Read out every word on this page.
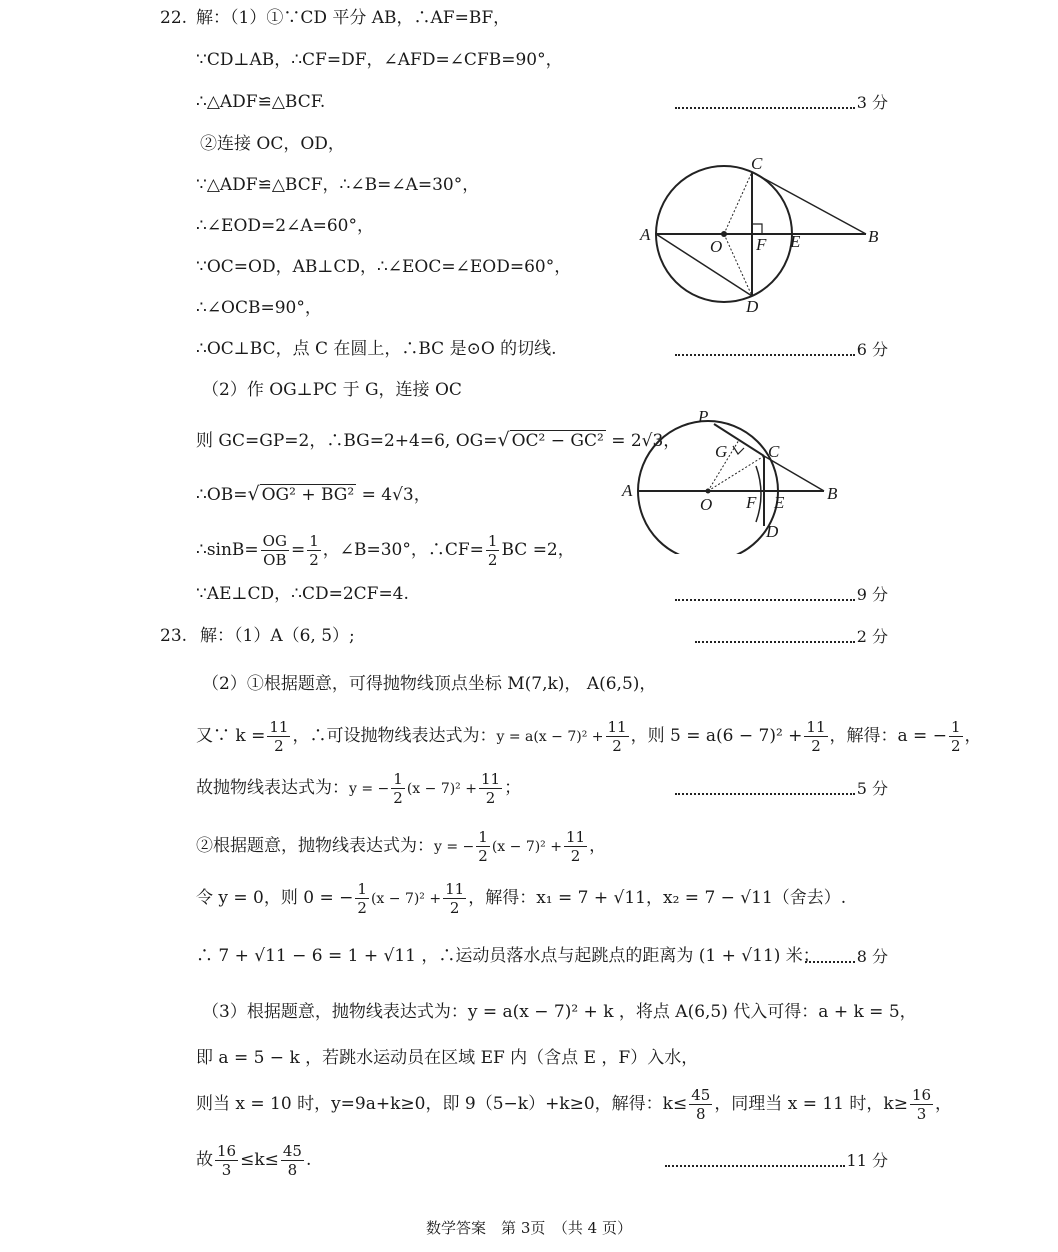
22. 解：（1）①∵CD 平分 AB，∴AF=BF，
∵CD⊥AB，∴CF=DF，∠AFD=∠CFB=90°，
∴△ADF≌△BCF.	3 分
②连接 OC，OD，
∵△ADF≌△BCF，∴∠B=∠A=30°，
∴∠EOD=2∠A=60°，
∵OC=OD，AB⊥CD，∴∠EOC=∠EOD=60°，
∴∠OCB=90°，
∴OC⊥BC，点 C 在圆上，∴BC 是⊙O 的切线.	6 分
（2）作 OG⊥PC 于 G，连接 OC
则 GC=GP=2，∴BG=2+4=6, OG=√ OC² − GC² = 2√3，
∴OB=√ OG² + BG² = 4√3，
∴sinB= $\frac{OG}{OB} = \frac{1}{2}$ ，∠B=30°，∴CF= $\frac{1}{2}$ BC =2，
∵AE⊥CD，∴CD=2CF=4.	9 分
A	B
C
D
O F E
A	B
C
D
O F E
G
P
23. 解：（1）A（6, 5）;	2 分
（2）①根据题意，可得抛物线顶点坐标 M(7,k)， A(6,5)，
又∵ $k = \frac{11}{2}$ ，∴可设抛物线表达式为：$y = a(x - 7)^2 + \frac{11}{2}$ ，则 $5 = a(6 - 7)^2 + \frac{11}{2}$ ，解得：a = − $\frac{1}{2}$ ，
故抛物线表达式为：y = − $\frac{1}{2} (x - 7)^2 + \frac{11}{2}$ ；	5 分
②根据题意，抛物线表达式为：y = − $\frac{1}{2} (x - 7)^2 + \frac{11}{2}$ ，
令 y = 0，则 0 = − $\frac{1}{2} (x - 7)^2 + \frac{11}{2}$ ，解得：x₁ = 7 + √11，x₂ = 7 − √11（舍去）.
∴ 7 + √11 − 6 = 1 + √11 ，∴运动员落水点与起跳点的距离为 (1 + √11) 米；	8 分
（3）根据题意，抛物线表达式为：y = a(x − 7)² + k ，将点 A(6,5) 代入可得：a + k = 5，
即 a = 5 − k ，若跳水运动员在区域 EF 内（含点 E ，F）入水，
则当 x = 10 时，y=9a+k≥0，即 9（5−k）+k≥0，解得：$k\le \frac{45}{8}$ ，同理当 x = 11 时，$k\ge \frac{16}{3}$ ，
故 $\frac{16}{3} \le k\le \frac{45}{8}$ .	11 分
数学答案　第 3页　（共 4 页）
